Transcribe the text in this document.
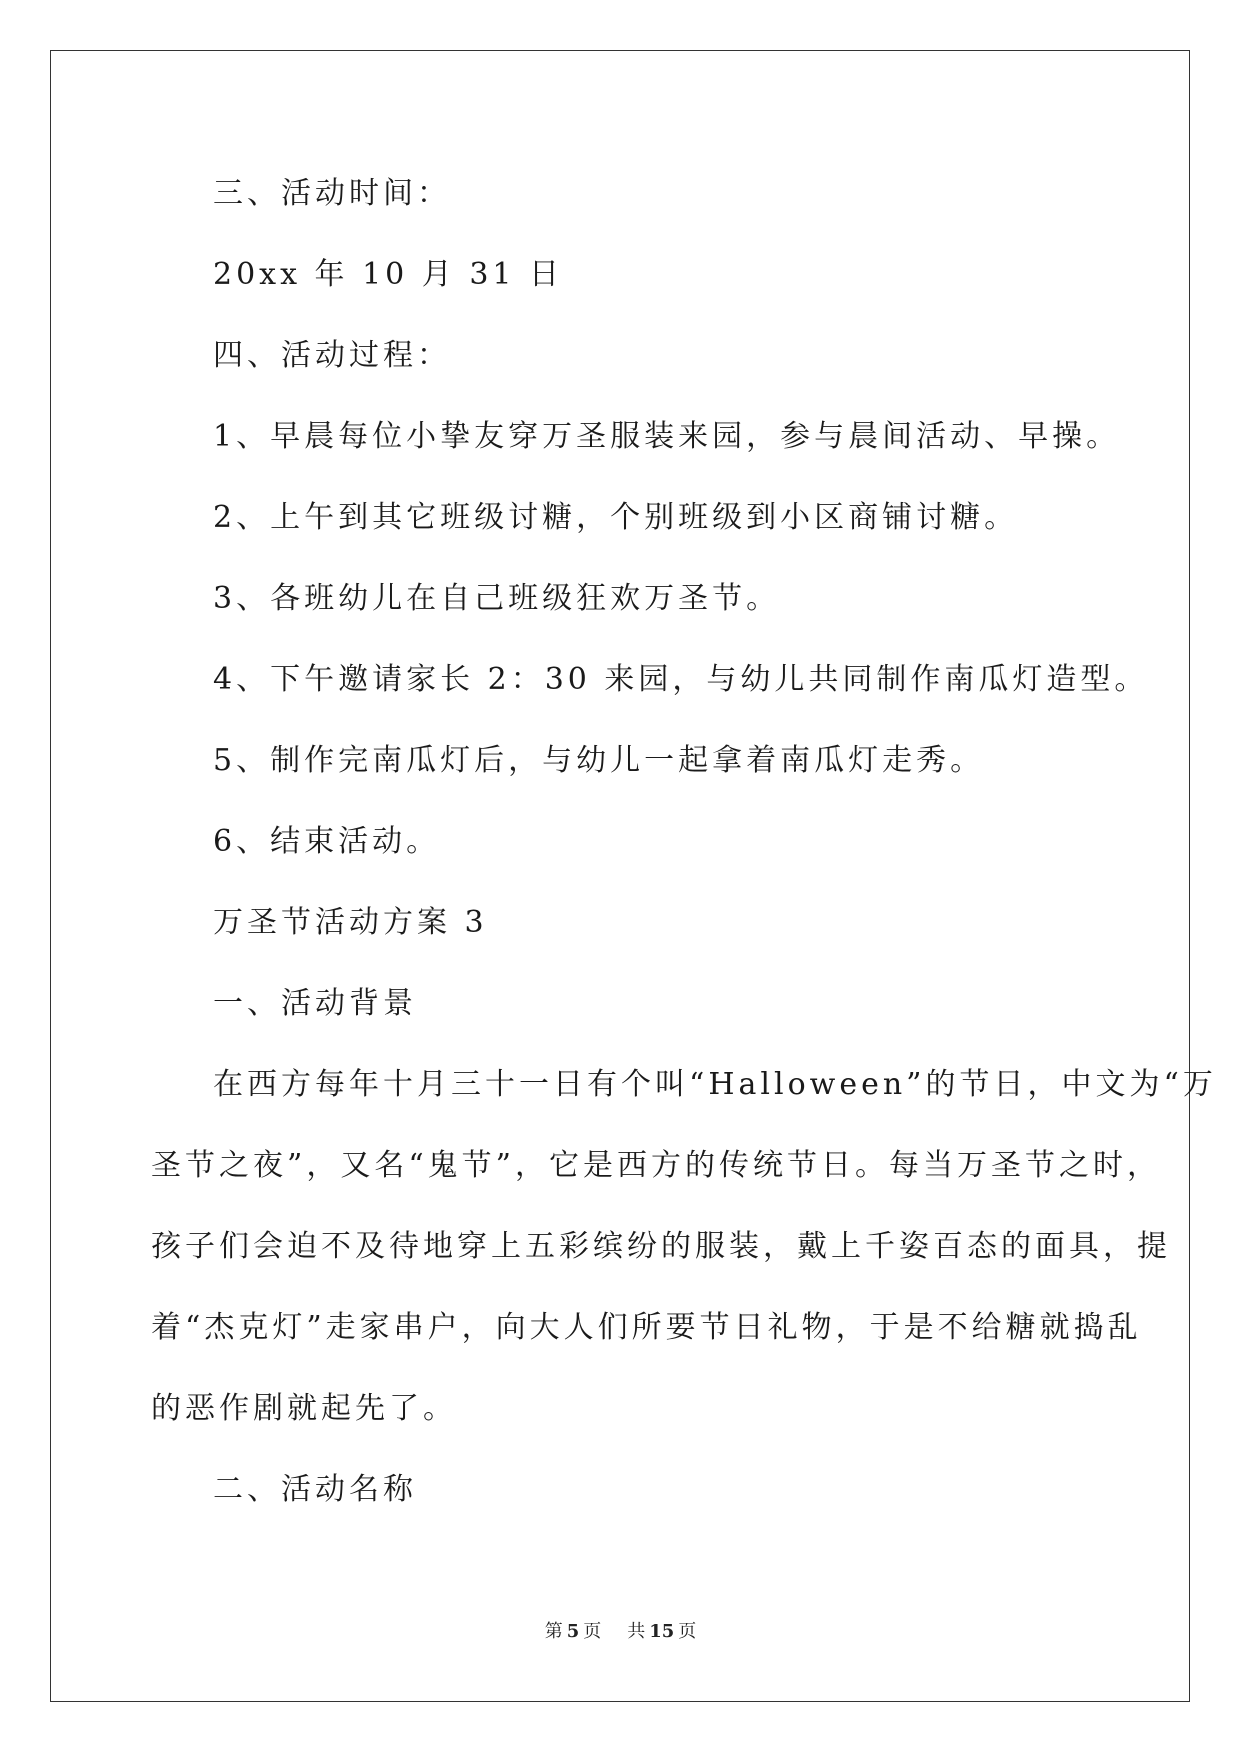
三、活动时间：
20xx 年 10 月 31 日
四、活动过程：
1、早晨每位小挚友穿万圣服装来园，参与晨间活动、早操。
2、上午到其它班级讨糖，个别班级到小区商铺讨糖。
3、各班幼儿在自己班级狂欢万圣节。
4、下午邀请家长 2：30 来园，与幼儿共同制作南瓜灯造型。
5、制作完南瓜灯后，与幼儿一起拿着南瓜灯走秀。
6、结束活动。
万圣节活动方案 3
一、活动背景
在西方每年十月三十一日有个叫“Halloween”的节日，中文为“万
圣节之夜”，又名“鬼节”，它是西方的传统节日。每当万圣节之时，
孩子们会迫不及待地穿上五彩缤纷的服装，戴上千姿百态的面具，提
着“杰克灯”走家串户，向大人们所要节日礼物，于是不给糖就捣乱
的恶作剧就起先了。
二、活动名称
第 5 页 共 15 页
